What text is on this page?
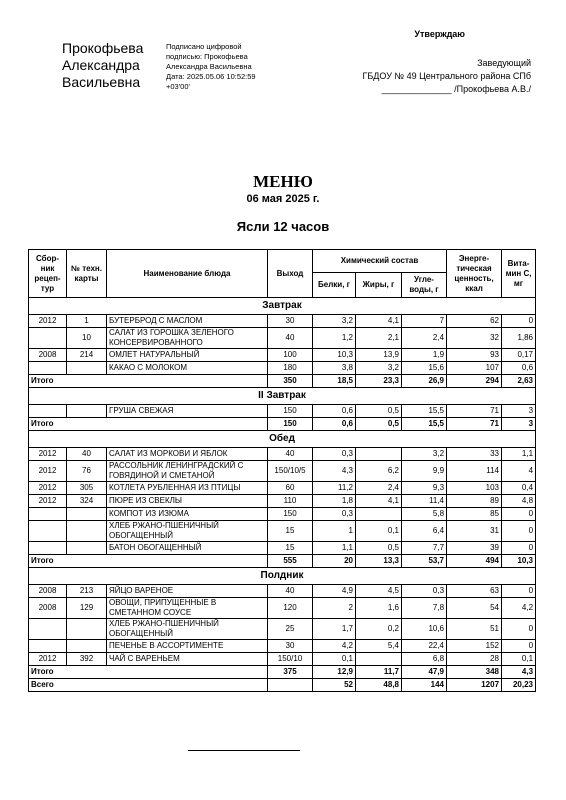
Прокофьева
Александра
Васильевна
Подписано цифровой
подписью: Прокофьева
Александра Васильевна
Дата: 2025.05.06 10:52:59
+03'00'
Утверждаю
Заведующий
ГБДОУ № 49 Центрального района СПб
______________ /Прокофьева А.В./
МЕНЮ
06 мая 2025 г.
Ясли 12 часов
Сбор-ник рецеп-тур	№ техн. карты	Наименование блюда	Выход	Химический состав			Энерге-тическая ценность, ккал	Вита-мин С, мг
				Белки, г	Жиры, г	Угле-воды, г		
Завтрак								
2012	1	БУТЕРБРОД С МАСЛОМ	30	3,2	4,1	7	62	0
	10	САЛАТ ИЗ ГОРОШКА ЗЕЛЕНОГО КОНСЕРВИРОВАННОГО	40	1,2	2,1	2,4	32	1,86
2008	214	ОМЛЕТ НАТУРАЛЬНЫЙ	100	10,3	13,9	1,9	93	0,17
		КАКАО С МОЛОКОМ	180	3,8	3,2	15,6	107	0,6
Итого			350	18,5	23,3	26,9	294	2,63
II Завтрак								
		ГРУША СВЕЖАЯ	150	0,6	0,5	15,5	71	3
Итого			150	0,6	0,5	15,5	71	3
Обед								
2012	40	САЛАТ ИЗ МОРКОВИ И ЯБЛОК	40	0,3		3,2	33	1,1
2012	76	РАССОЛЬНИК ЛЕНИНГРАДСКИЙ С ГОВЯДИНОЙ И СМЕТАНОЙ	150/10/5	4,3	6,2	9,9	114	4
2012	305	КОТЛЕТА РУБЛЕННАЯ ИЗ ПТИЦЫ	60	11,2	2,4	9,3	103	0,4
2012	324	ПЮРЕ ИЗ СВЕКЛЫ	110	1,8	4,1	11,4	89	4,8
		КОМПОТ ИЗ ИЗЮМА	150	0,3		5,8	85	0
		ХЛЕБ РЖАНО-ПШЕНИЧНЫЙ ОБОГАЩЕННЫЙ	15	1	0,1	6,4	31	0
		БАТОН ОБОГАЩЕННЫЙ	15	1,1	0,5	7,7	39	0
Итого			555	20	13,3	53,7	494	10,3
Полдник								
2008	213	ЯЙЦО ВАРЕНОЕ	40	4,9	4,5	0,3	63	0
2008	129	ОВОЩИ, ПРИПУЩЕННЫЕ В СМЕТАННОМ СОУСЕ	120	2	1,6	7,8	54	4,2
		ХЛЕБ РЖАНО-ПШЕНИЧНЫЙ ОБОГАЩЕННЫЙ	25	1,7	0,2	10,6	51	0
		ПЕЧЕНЬЕ В АССОРТИМЕНТЕ	30	4,2	5,4	22,4	152	0
2012	392	ЧАЙ С ВАРЕНЬЕМ	150/10	0,1		6,8	28	0,1
Итого			375	12,9	11,7	47,9	348	4,3
Всего				52	48,8	144	1207	20,23
